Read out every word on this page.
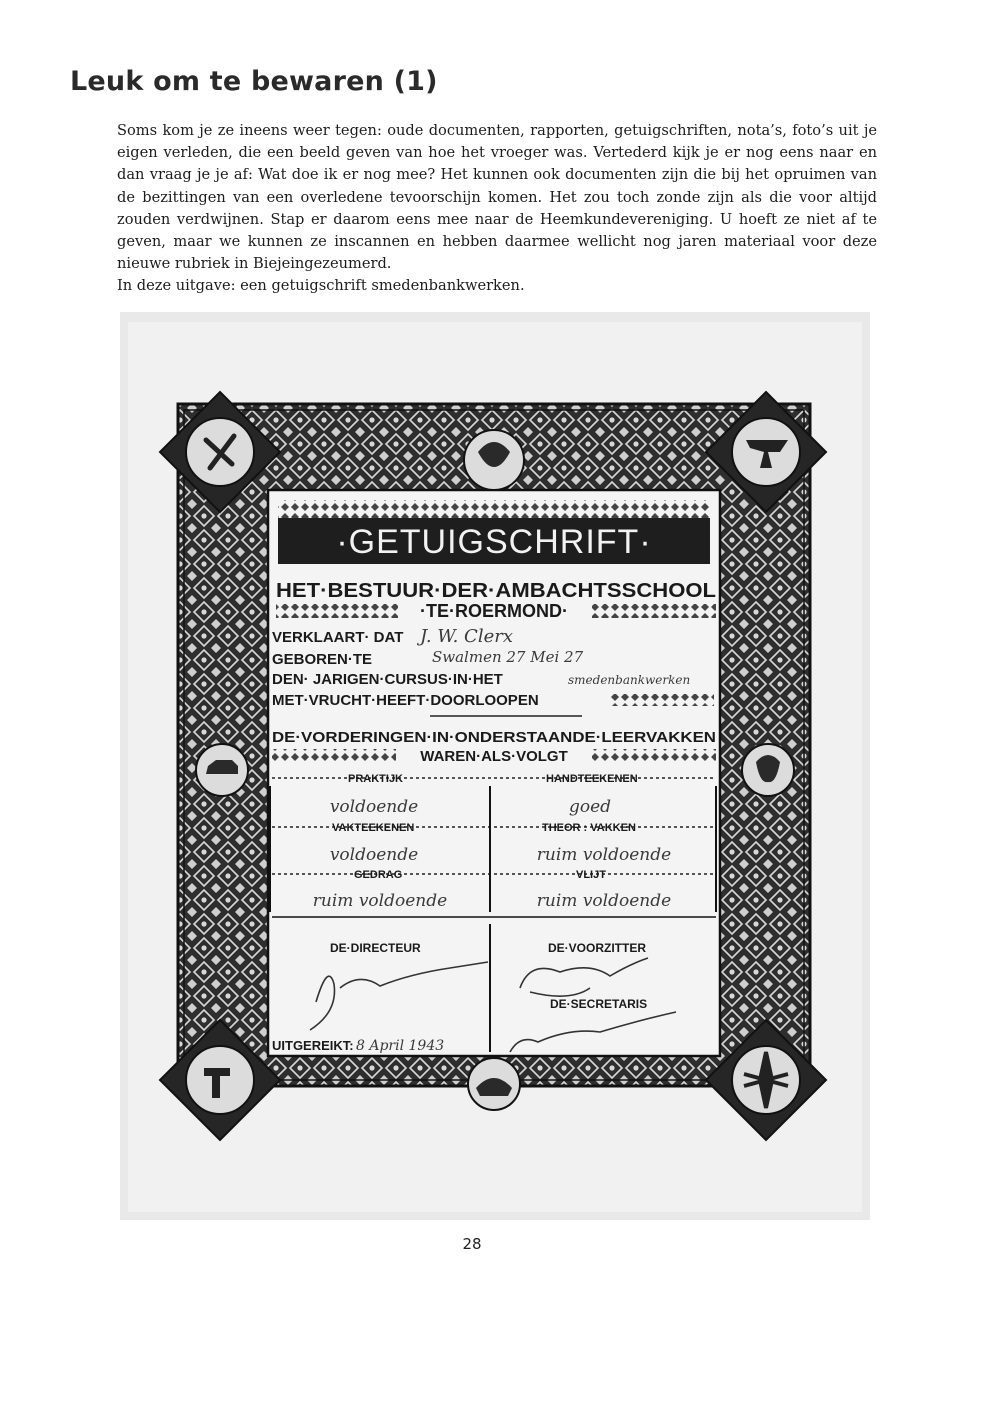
Leuk om te bewaren (1)

Soms kom je ze ineens weer tegen: oude documenten, rapporten, getuigschriften, nota’s, foto’s uit je eigen verleden, die een beeld geven van hoe het vroeger was. Vertederd kijk je er nog eens naar en dan vraag je je af: Wat doe ik er nog mee? Het kunnen ook documenten zijn die bij het opruimen van de bezittingen van een overledene tevoorschijn komen. Het zou toch zonde zijn als die voor altijd zouden verdwijnen. Stap er daarom eens mee naar de Heemkundevereniging. U hoeft ze niet af te geven, maar we kunnen ze inscannen en hebben daarmee wellicht nog jaren materiaal voor deze nieuwe rubriek in Biejeingezeumerd.

In deze uitgave: een getuigschrift smedenbankwerken.

·GETUIGSCHRIFT·
HET·BESTUUR·DER·AMBACHTSSCHOOL
·TE·ROERMOND·
VERKLAART· DAT J. W. Clerx
GEBOREN·TE	Swalmen 27 Mei 27
DEN· JARIGEN·CURSUS·IN·HET	smedenbankwerken
MET·VRUCHT·HEEFT·DOORLOOPEN
DE·VORDERINGEN·IN·ONDERSTAANDE·LEERVAKKEN
WAREN·ALS·VOLGT
PRAKTIJK	HANDTEEKENEN
voldoende	goed
VAKTEEKENEN	THEOR : VAKKEN
voldoende	ruim voldoende
GEDRAG	VLIJT
ruim voldoende	ruim voldoende
DE·DIRECTEUR	DE·VOORZITTER
DE·SECRETARIS
UITGEREIKT: 8 April 1943
28
